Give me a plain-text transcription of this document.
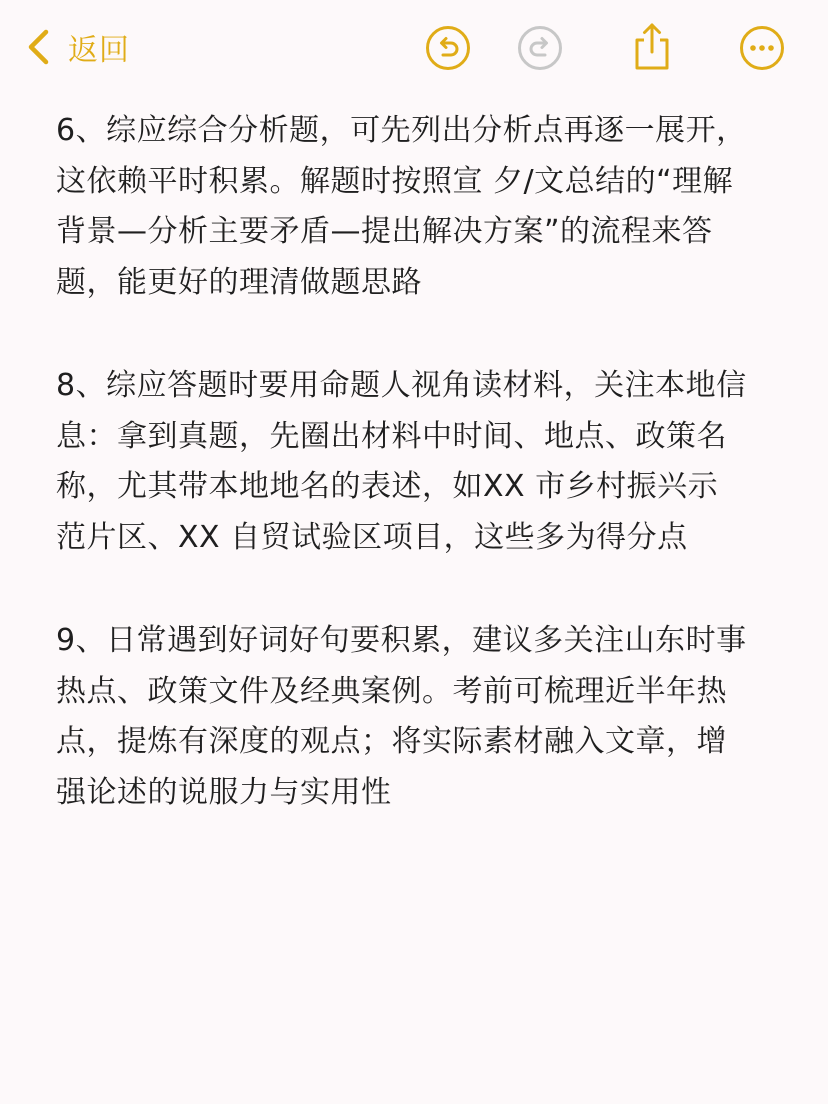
返回

6、综应综合分析题，可先列出分析点再逐一展开，
这依赖平时积累。解题时按照宣 夕/文总结的“理解
背景—分析主要矛盾—提出解决方案”的流程来答
题，能更好的理清做题思路

8、综应答题时要用命题人视角读材料，关注本地信
息：拿到真题，先圈出材料中时间、地点、政策名
称，尤其带本地地名的表述，如XX 市乡村振兴示
范片区、XX 自贸试验区项目，这些多为得分点

9、日常遇到好词好句要积累，建议多关注山东时事
热点、政策文件及经典案例。考前可梳理近半年热
点，提炼有深度的观点；将实际素材融入文章，增
强论述的说服力与实用性
